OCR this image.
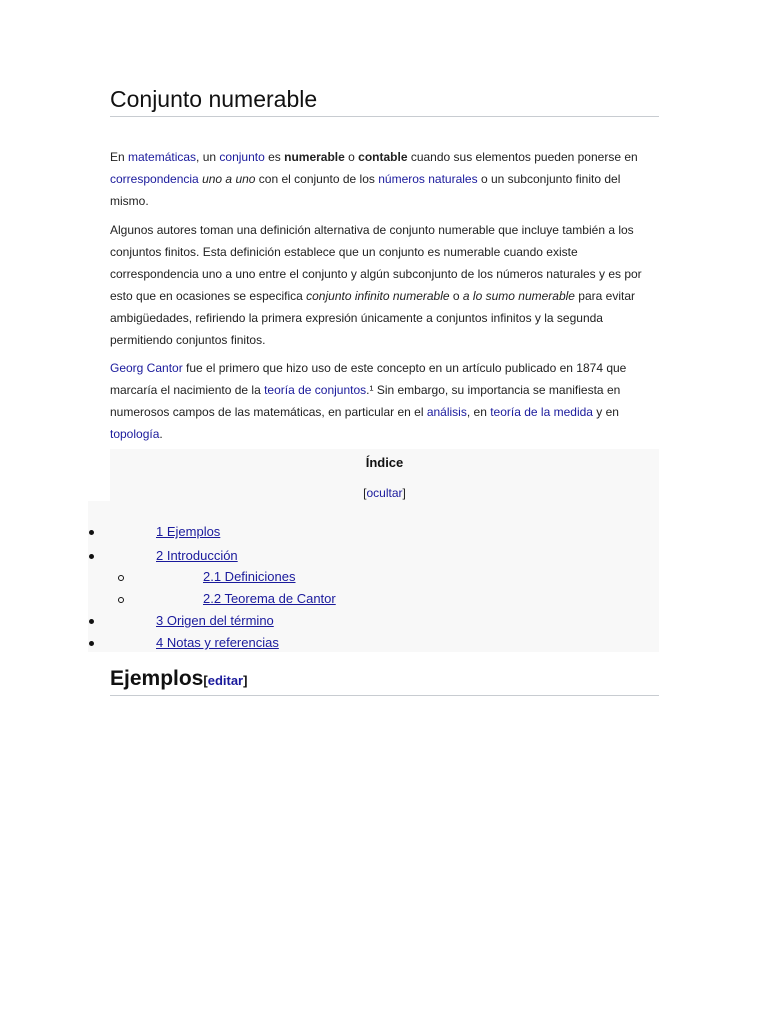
Conjunto numerable

En matemáticas, un conjunto es numerable o contable cuando sus elementos pueden ponerse en correspondencia uno a uno con el conjunto de los números naturales o un subconjunto finito del mismo.

Algunos autores toman una definición alternativa de conjunto numerable que incluye también a los conjuntos finitos. Esta definición establece que un conjunto es numerable cuando existe correspondencia uno a uno entre el conjunto y algún subconjunto de los números naturales y es por esto que en ocasiones se especifica conjunto infinito numerable o a lo sumo numerable para evitar ambigüedades, refiriendo la primera expresión únicamente a conjuntos infinitos y la segunda permitiendo conjuntos finitos.

Georg Cantor fue el primero que hizo uso de este concepto en un artículo publicado en 1874 que marcaría el nacimiento de la teoría de conjuntos.¹ Sin embargo, su importancia se manifiesta en numerosos campos de las matemáticas, en particular en el análisis, en teoría de la medida y en topología.

Índice
[ocultar]
1 Ejemplos
2 Introducción
2.1 Definiciones
2.2 Teorema de Cantor
3 Origen del término
4 Notas y referencias
Ejemplos[editar]
